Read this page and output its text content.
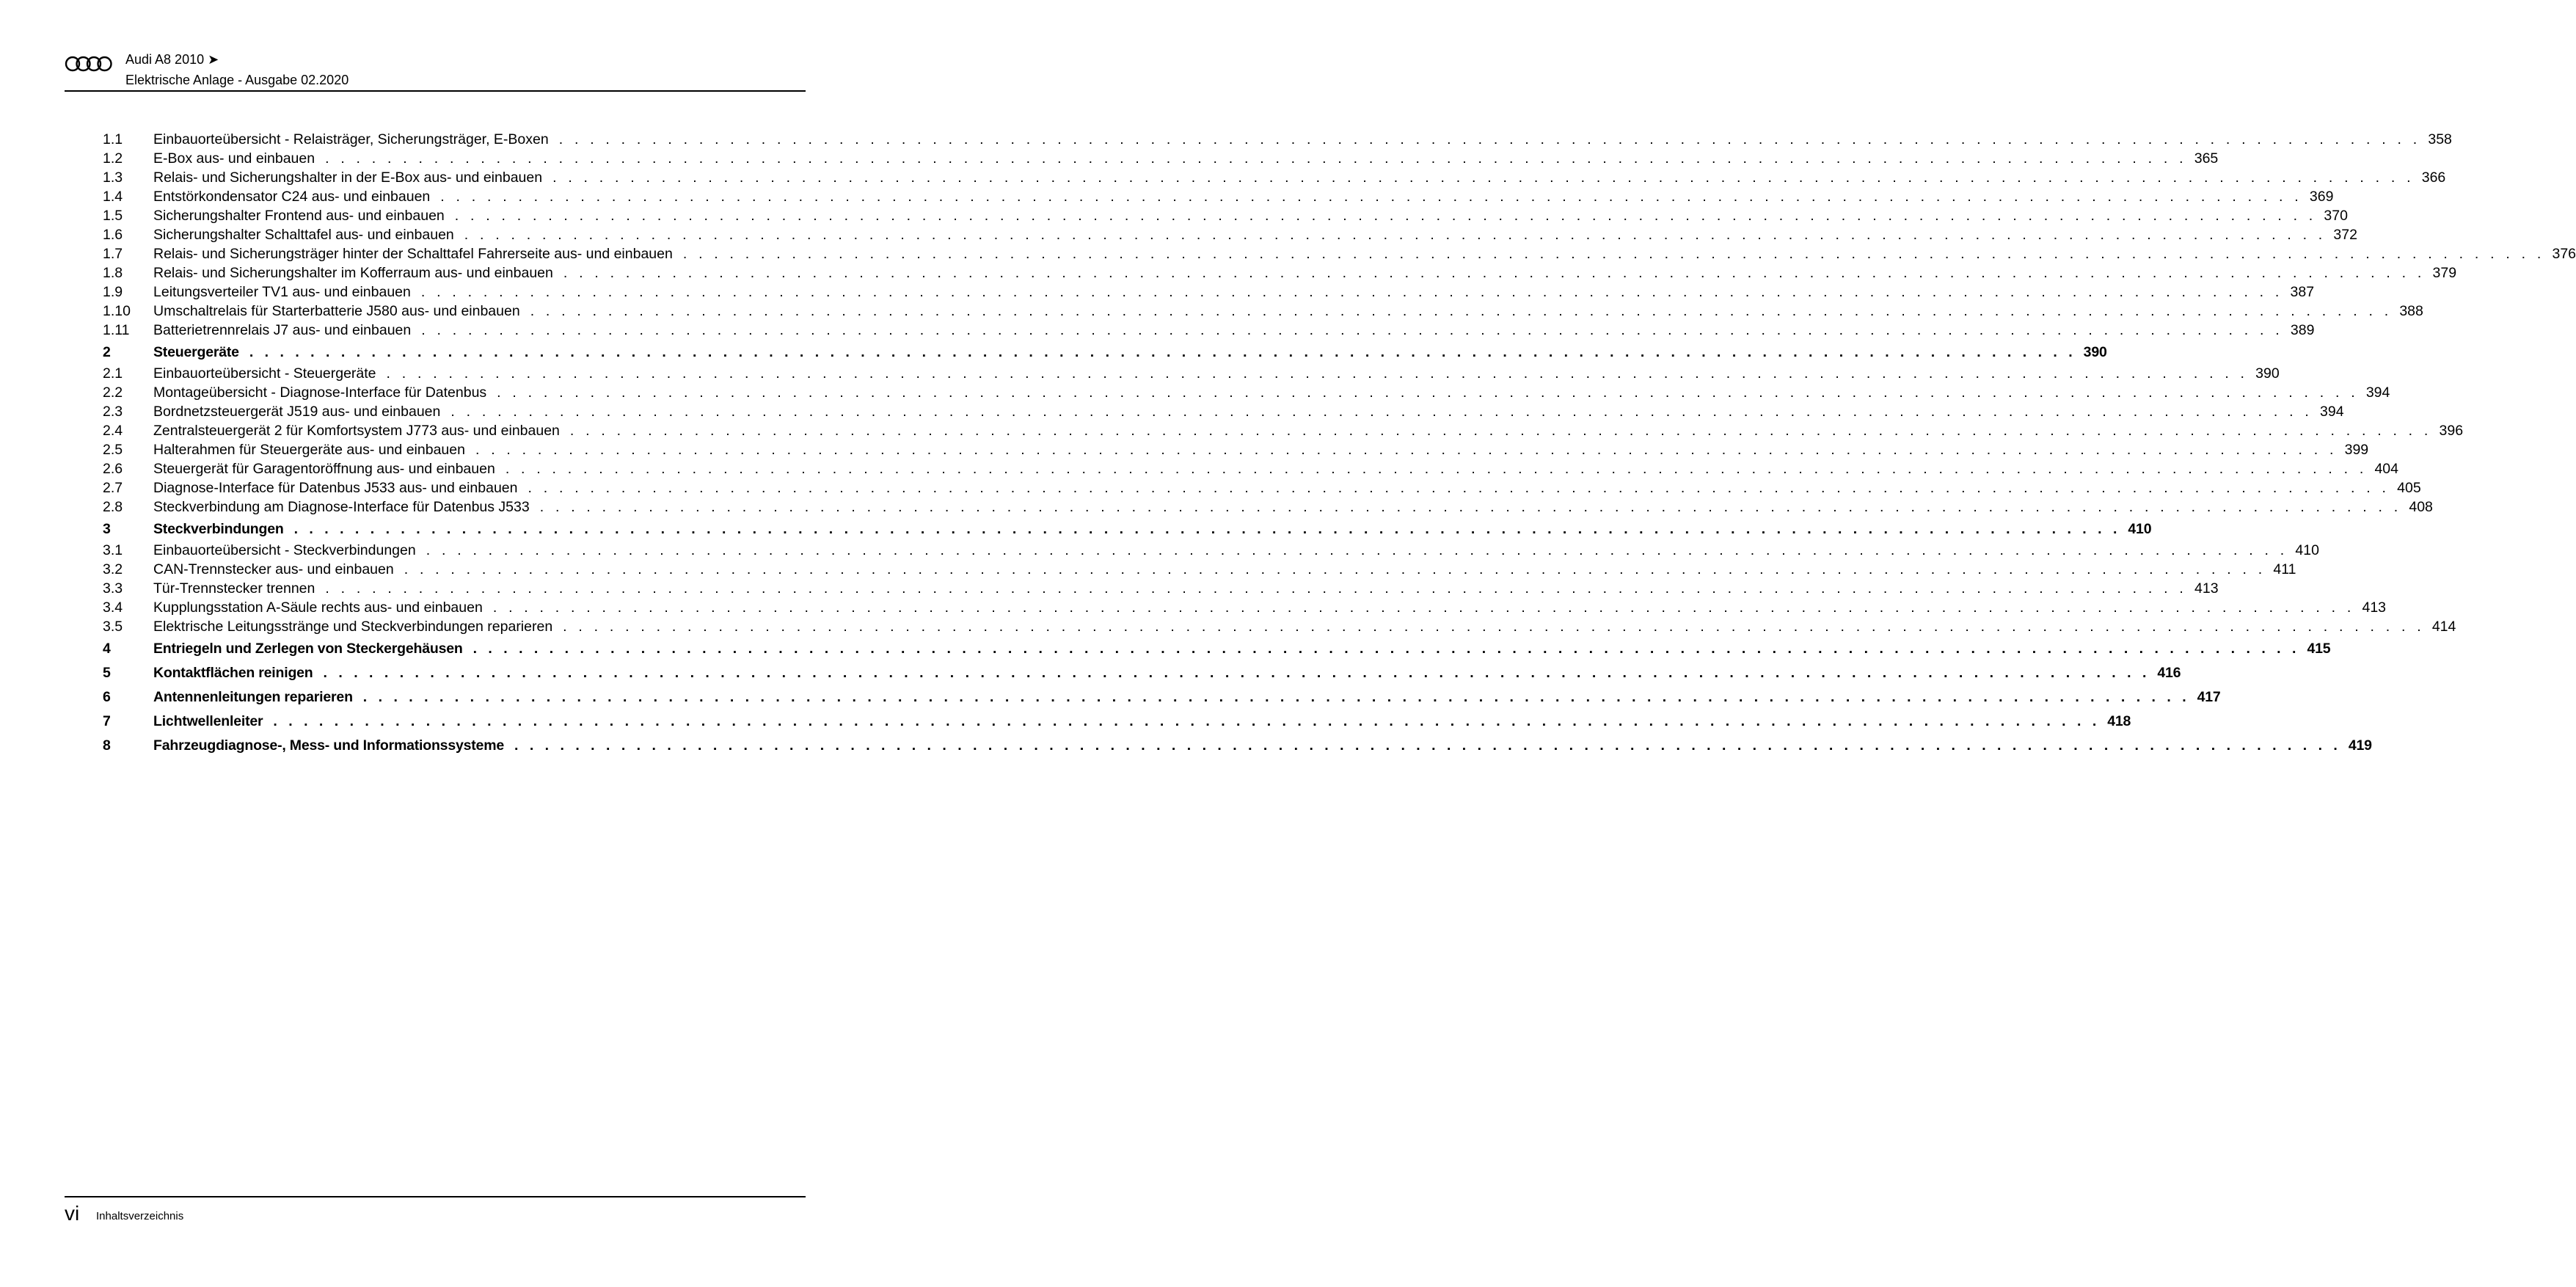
Audi A8 2010 ➤
Elektrische Anlage - Ausgabe 02.2020
1.1	Einbauorteübersicht - Relaisträger, Sicherungsträger, E-Boxen . . . . . . . . . . . . . . . . . . . . . . . . . . . . . . . . . . . . . . . . . . . . . . . . . . . . . . . . . . . . . . . . . . . . . . . . . . . . . . . . . . . . . . . . . . . . . . . . . . . . . . . . . . . . . . . . . . . . . . . . 358
1.2	E-Box aus- und einbauen . . . . . . . . . . . . . . . . . . . . . . . . . . . . . . . . . . . . . . . . . . . . . . . . . . . . . . . . . . . . . . . . . . . . . . . . . . . . . . . . . . . . . . . . . . . . . . . . . . . . . . . . . . . . . . . . . . . . . . . . 365
1.3	Relais- und Sicherungshalter in der E-Box aus- und einbauen . . . . . . . . . . . . . . . . . . . . . . . . . . . . . . . . . . . . . . . . . . . . . . . . . . . . . . . . . . . . . . . . . . . . . . . . . . . . . . . . . . . . . . . . . . . . . . . . . . . . . . . . . . . . . . . . . . . . . . . . 366
1.4	Entstörkondensator C24 aus- und einbauen . . . . . . . . . . . . . . . . . . . . . . . . . . . . . . . . . . . . . . . . . . . . . . . . . . . . . . . . . . . . . . . . . . . . . . . . . . . . . . . . . . . . . . . . . . . . . . . . . . . . . . . . . . . . . . . . . . . . . . . . 369
1.5	Sicherungshalter Frontend aus- und einbauen . . . . . . . . . . . . . . . . . . . . . . . . . . . . . . . . . . . . . . . . . . . . . . . . . . . . . . . . . . . . . . . . . . . . . . . . . . . . . . . . . . . . . . . . . . . . . . . . . . . . . . . . . . . . . . . . . . . . . . . . 370
1.6	Sicherungshalter Schalttafel aus- und einbauen . . . . . . . . . . . . . . . . . . . . . . . . . . . . . . . . . . . . . . . . . . . . . . . . . . . . . . . . . . . . . . . . . . . . . . . . . . . . . . . . . . . . . . . . . . . . . . . . . . . . . . . . . . . . . . . . . . . . . . . . 372
1.7	Relais- und Sicherungsträger hinter der Schalttafel Fahrerseite aus- und einbauen . . . . . . . . . . . . . . . . . . . . . . . . . . . . . . . . . . . . . . . . . . . . . . . . . . . . . . . . . . . . . . . . . . . . . . . . . . . . . . . . . . . . . . . . . . . . . . . . . . . . . . . . . . . . . . . . . . . . . . . . 376
1.8	Relais- und Sicherungshalter im Kofferraum aus- und einbauen . . . . . . . . . . . . . . . . . . . . . . . . . . . . . . . . . . . . . . . . . . . . . . . . . . . . . . . . . . . . . . . . . . . . . . . . . . . . . . . . . . . . . . . . . . . . . . . . . . . . . . . . . . . . . . . . . . . . . . . . 379
1.9	Leitungsverteiler TV1 aus- und einbauen . . . . . . . . . . . . . . . . . . . . . . . . . . . . . . . . . . . . . . . . . . . . . . . . . . . . . . . . . . . . . . . . . . . . . . . . . . . . . . . . . . . . . . . . . . . . . . . . . . . . . . . . . . . . . . . . . . . . . . . . 387
1.10	Umschaltrelais für Starterbatterie J580 aus- und einbauen . . . . . . . . . . . . . . . . . . . . . . . . . . . . . . . . . . . . . . . . . . . . . . . . . . . . . . . . . . . . . . . . . . . . . . . . . . . . . . . . . . . . . . . . . . . . . . . . . . . . . . . . . . . . . . . . . . . . . . . . 388
1.11	Batterietrennrelais J7 aus- und einbauen . . . . . . . . . . . . . . . . . . . . . . . . . . . . . . . . . . . . . . . . . . . . . . . . . . . . . . . . . . . . . . . . . . . . . . . . . . . . . . . . . . . . . . . . . . . . . . . . . . . . . . . . . . . . . . . . . . . . . . . . 389
2	Steuergeräte . . . . . . . . . . . . . . . . . . . . . . . . . . . . . . . . . . . . . . . . . . . . . . . . . . . . . . . . . . . . . . . . . . . . . . . . . . . . . . . . . . . . . . . . . . . . . . . . . . . . . . . . . . . . . . . . . . . . . . . . 390
2.1	Einbauorteübersicht - Steuergeräte . . . . . . . . . . . . . . . . . . . . . . . . . . . . . . . . . . . . . . . . . . . . . . . . . . . . . . . . . . . . . . . . . . . . . . . . . . . . . . . . . . . . . . . . . . . . . . . . . . . . . . . . . . . . . . . . . . . . . . . . 390
2.2	Montageübersicht - Diagnose-Interface für Datenbus . . . . . . . . . . . . . . . . . . . . . . . . . . . . . . . . . . . . . . . . . . . . . . . . . . . . . . . . . . . . . . . . . . . . . . . . . . . . . . . . . . . . . . . . . . . . . . . . . . . . . . . . . . . . . . . . . . . . . . . . 394
2.3	Bordnetzsteuergerät J519 aus- und einbauen . . . . . . . . . . . . . . . . . . . . . . . . . . . . . . . . . . . . . . . . . . . . . . . . . . . . . . . . . . . . . . . . . . . . . . . . . . . . . . . . . . . . . . . . . . . . . . . . . . . . . . . . . . . . . . . . . . . . . . . . 394
2.4	Zentralsteuergerät 2 für Komfortsystem J773 aus- und einbauen . . . . . . . . . . . . . . . . . . . . . . . . . . . . . . . . . . . . . . . . . . . . . . . . . . . . . . . . . . . . . . . . . . . . . . . . . . . . . . . . . . . . . . . . . . . . . . . . . . . . . . . . . . . . . . . . . . . . . . . . 396
2.5	Halterahmen für Steuergeräte aus- und einbauen . . . . . . . . . . . . . . . . . . . . . . . . . . . . . . . . . . . . . . . . . . . . . . . . . . . . . . . . . . . . . . . . . . . . . . . . . . . . . . . . . . . . . . . . . . . . . . . . . . . . . . . . . . . . . . . . . . . . . . . . 399
2.6	Steuergerät für Garagentoröffnung aus- und einbauen . . . . . . . . . . . . . . . . . . . . . . . . . . . . . . . . . . . . . . . . . . . . . . . . . . . . . . . . . . . . . . . . . . . . . . . . . . . . . . . . . . . . . . . . . . . . . . . . . . . . . . . . . . . . . . . . . . . . . . . . 404
2.7	Diagnose-Interface für Datenbus J533 aus- und einbauen . . . . . . . . . . . . . . . . . . . . . . . . . . . . . . . . . . . . . . . . . . . . . . . . . . . . . . . . . . . . . . . . . . . . . . . . . . . . . . . . . . . . . . . . . . . . . . . . . . . . . . . . . . . . . . . . . . . . . . . . 405
2.8	Steckverbindung am Diagnose-Interface für Datenbus J533 . . . . . . . . . . . . . . . . . . . . . . . . . . . . . . . . . . . . . . . . . . . . . . . . . . . . . . . . . . . . . . . . . . . . . . . . . . . . . . . . . . . . . . . . . . . . . . . . . . . . . . . . . . . . . . . . . . . . . . . . 408
3	Steckverbindungen . . . . . . . . . . . . . . . . . . . . . . . . . . . . . . . . . . . . . . . . . . . . . . . . . . . . . . . . . . . . . . . . . . . . . . . . . . . . . . . . . . . . . . . . . . . . . . . . . . . . . . . . . . . . . . . . . . . . . . . . 410
3.1	Einbauorteübersicht - Steckverbindungen . . . . . . . . . . . . . . . . . . . . . . . . . . . . . . . . . . . . . . . . . . . . . . . . . . . . . . . . . . . . . . . . . . . . . . . . . . . . . . . . . . . . . . . . . . . . . . . . . . . . . . . . . . . . . . . . . . . . . . . . 410
3.2	CAN-Trennstecker aus- und einbauen . . . . . . . . . . . . . . . . . . . . . . . . . . . . . . . . . . . . . . . . . . . . . . . . . . . . . . . . . . . . . . . . . . . . . . . . . . . . . . . . . . . . . . . . . . . . . . . . . . . . . . . . . . . . . . . . . . . . . . . . 411
3.3	Tür-Trennstecker trennen . . . . . . . . . . . . . . . . . . . . . . . . . . . . . . . . . . . . . . . . . . . . . . . . . . . . . . . . . . . . . . . . . . . . . . . . . . . . . . . . . . . . . . . . . . . . . . . . . . . . . . . . . . . . . . . . . . . . . . . . 413
3.4	Kupplungsstation A-Säule rechts aus- und einbauen . . . . . . . . . . . . . . . . . . . . . . . . . . . . . . . . . . . . . . . . . . . . . . . . . . . . . . . . . . . . . . . . . . . . . . . . . . . . . . . . . . . . . . . . . . . . . . . . . . . . . . . . . . . . . . . . . . . . . . . . 413
3.5	Elektrische Leitungsstränge und Steckverbindungen reparieren . . . . . . . . . . . . . . . . . . . . . . . . . . . . . . . . . . . . . . . . . . . . . . . . . . . . . . . . . . . . . . . . . . . . . . . . . . . . . . . . . . . . . . . . . . . . . . . . . . . . . . . . . . . . . . . . . . . . . . . . 414
4	Entriegeln und Zerlegen von Steckergehäusen . . . . . . . . . . . . . . . . . . . . . . . . . . . . . . . . . . . . . . . . . . . . . . . . . . . . . . . . . . . . . . . . . . . . . . . . . . . . . . . . . . . . . . . . . . . . . . . . . . . . . . . . . . . . . . . . . . . . . . . . 415
5	Kontaktflächen reinigen . . . . . . . . . . . . . . . . . . . . . . . . . . . . . . . . . . . . . . . . . . . . . . . . . . . . . . . . . . . . . . . . . . . . . . . . . . . . . . . . . . . . . . . . . . . . . . . . . . . . . . . . . . . . . . . . . . . . . . . . 416
6	Antennenleitungen reparieren . . . . . . . . . . . . . . . . . . . . . . . . . . . . . . . . . . . . . . . . . . . . . . . . . . . . . . . . . . . . . . . . . . . . . . . . . . . . . . . . . . . . . . . . . . . . . . . . . . . . . . . . . . . . . . . . . . . . . . . . 417
7	Lichtwellenleiter . . . . . . . . . . . . . . . . . . . . . . . . . . . . . . . . . . . . . . . . . . . . . . . . . . . . . . . . . . . . . . . . . . . . . . . . . . . . . . . . . . . . . . . . . . . . . . . . . . . . . . . . . . . . . . . . . . . . . . . . 418
8	Fahrzeugdiagnose-, Mess- und Informationssysteme . . . . . . . . . . . . . . . . . . . . . . . . . . . . . . . . . . . . . . . . . . . . . . . . . . . . . . . . . . . . . . . . . . . . . . . . . . . . . . . . . . . . . . . . . . . . . . . . . . . . . . . . . . . . . . . . . . . . . . . . 419
vi Inhaltsverzeichnis
